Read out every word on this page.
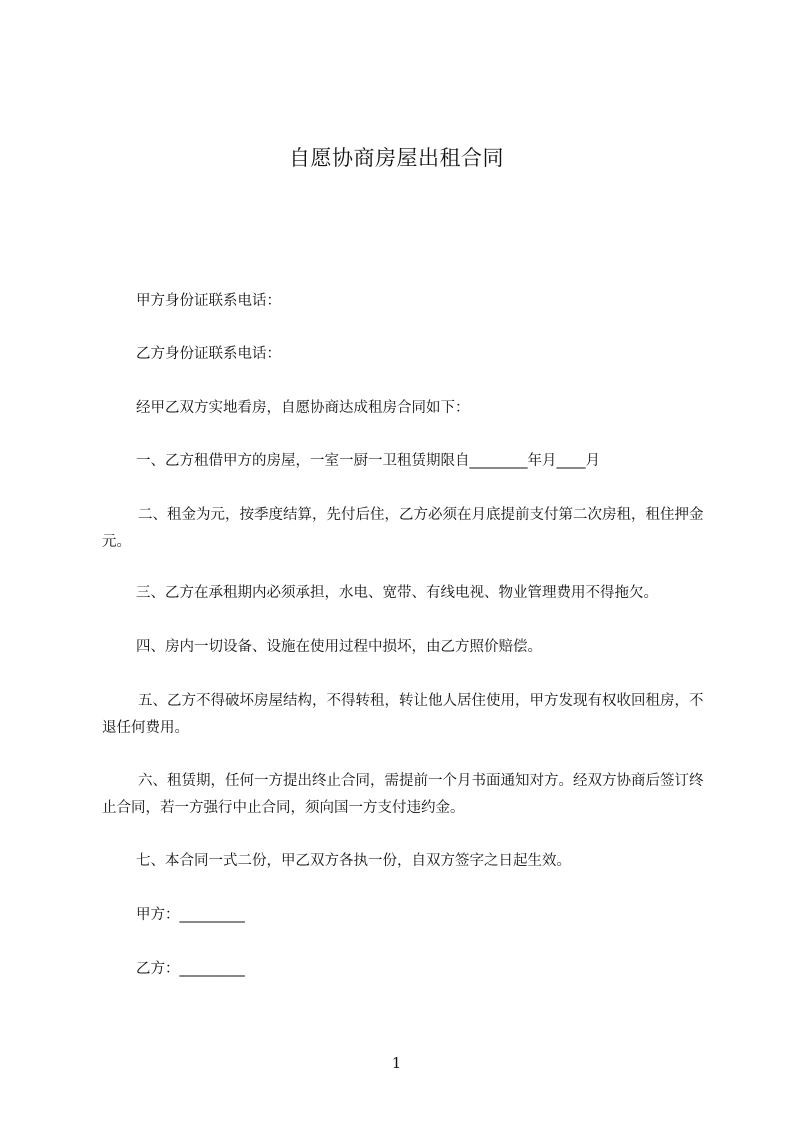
自愿协商房屋出租合同
甲方身份证联系电话：
乙方身份证联系电话：
经甲乙双方实地看房，自愿协商达成租房合同如下：
一、乙方租借甲方的房屋，一室一厨一卫租赁期限自________年月____月
二、租金为元，按季度结算，先付后住，乙方必须在月底提前支付第二次房租，租住押金元。
三、乙方在承租期内必须承担，水电、宽带、有线电视、物业管理费用不得拖欠。
四、房内一切设备、设施在使用过程中损坏，由乙方照价赔偿。
五、乙方不得破坏房屋结构，不得转租，转让他人居住使用，甲方发现有权收回租房，不退任何费用。
六、租赁期，任何一方提出终止合同，需提前一个月书面通知对方。经双方协商后签订终止合同，若一方强行中止合同，须向国一方支付违约金。
七、本合同一式二份，甲乙双方各执一份，自双方签字之日起生效。
甲方：_________
乙方：_________
1
